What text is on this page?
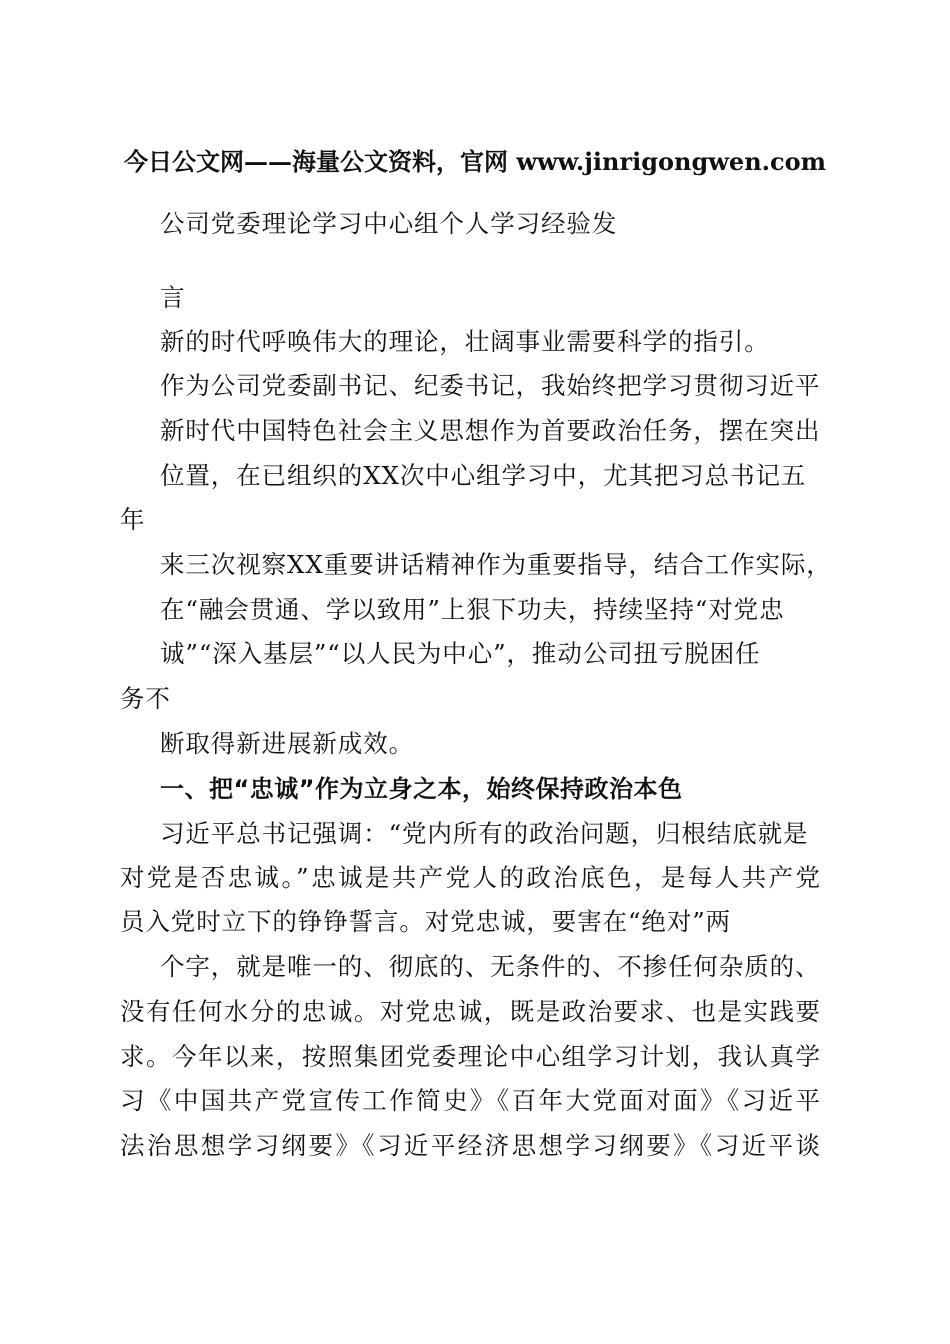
今日公文网——海量公文资料，官网 www.jinrigongwen.com
公司党委理论学习中心组个人学习经验发
言
新的时代呼唤伟大的理论，壮阔事业需要科学的指引。
作为公司党委副书记、纪委书记，我始终把学习贯彻习近平
新时代中国特色社会主义思想作为首要政治任务，摆在突出
位置，在已组织的XX次中心组学习中，尤其把习总书记五
年
来三次视察XX重要讲话精神作为重要指导，结合工作实际，
在“融会贯通、学以致用”上狠下功夫，持续坚持“对党忠
诚”“深入基层”“以人民为中心”，推动公司扭亏脱困任
务不
断取得新进展新成效。
一、把“忠诚”作为立身之本，始终保持政治本色
习近平总书记强调：“党内所有的政治问题，归根结底就是
对党是否忠诚。”忠诚是共产党人的政治底色，是每人共产党
员入党时立下的铮铮誓言。对党忠诚，要害在“绝对”两
个字，就是唯一的、彻底的、无条件的、不掺任何杂质的、
没有任何水分的忠诚。对党忠诚，既是政治要求、也是实践要
求。今年以来，按照集团党委理论中心组学习计划，我认真学
习《中国共产党宣传工作简史》《百年大党面对面》《习近平
法治思想学习纲要》《习近平经济思想学习纲要》《习近平谈
